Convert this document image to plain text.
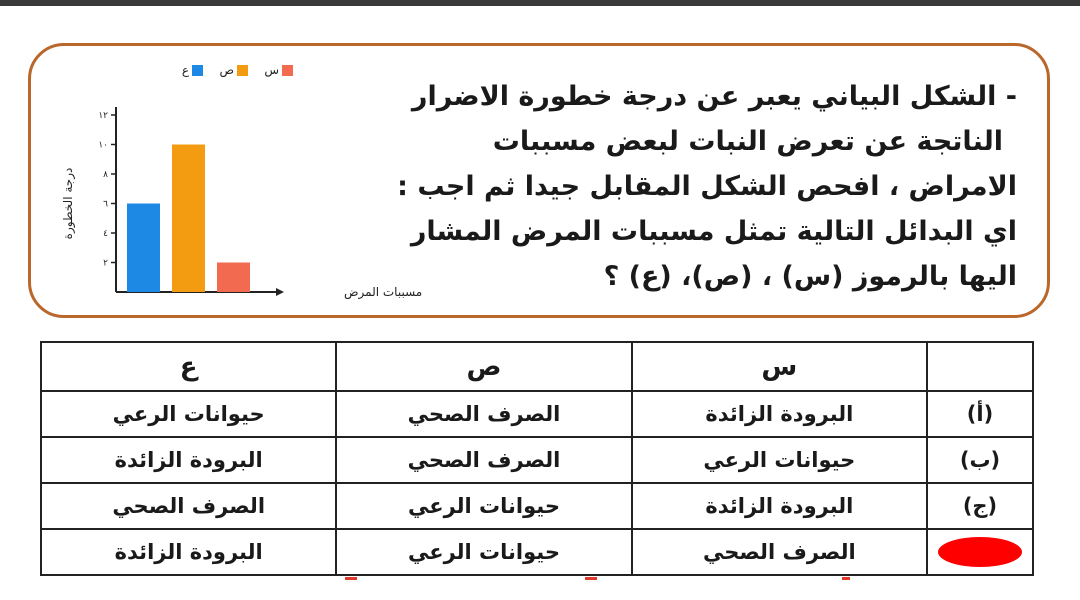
- الشكل البياني يعبر عن درجة خطورة الاضرار
الناتجة عن تعرض النبات لبعض مسببات
الامراض ، افحص الشكل المقابل جيدا ثم اجب :
اي البدائل التالية تمثل مسببات المرض المشار
اليها بالرموز (س) ، (ص)، (ع) ؟
٢
٤
٦
٨
١٠
١٢
درجة الخطورة
مسببات المرض
س
ص
ع
	س	ص	ع
(أ)	البرودة الزائدة	الصرف الصحي	حيوانات الرعي
(ب)	حيوانات الرعي	الصرف الصحي	البرودة الزائدة
(ج)	البرودة الزائدة	حيوانات الرعي	الصرف الصحي
	الصرف الصحي	حيوانات الرعي	البرودة الزائدة
